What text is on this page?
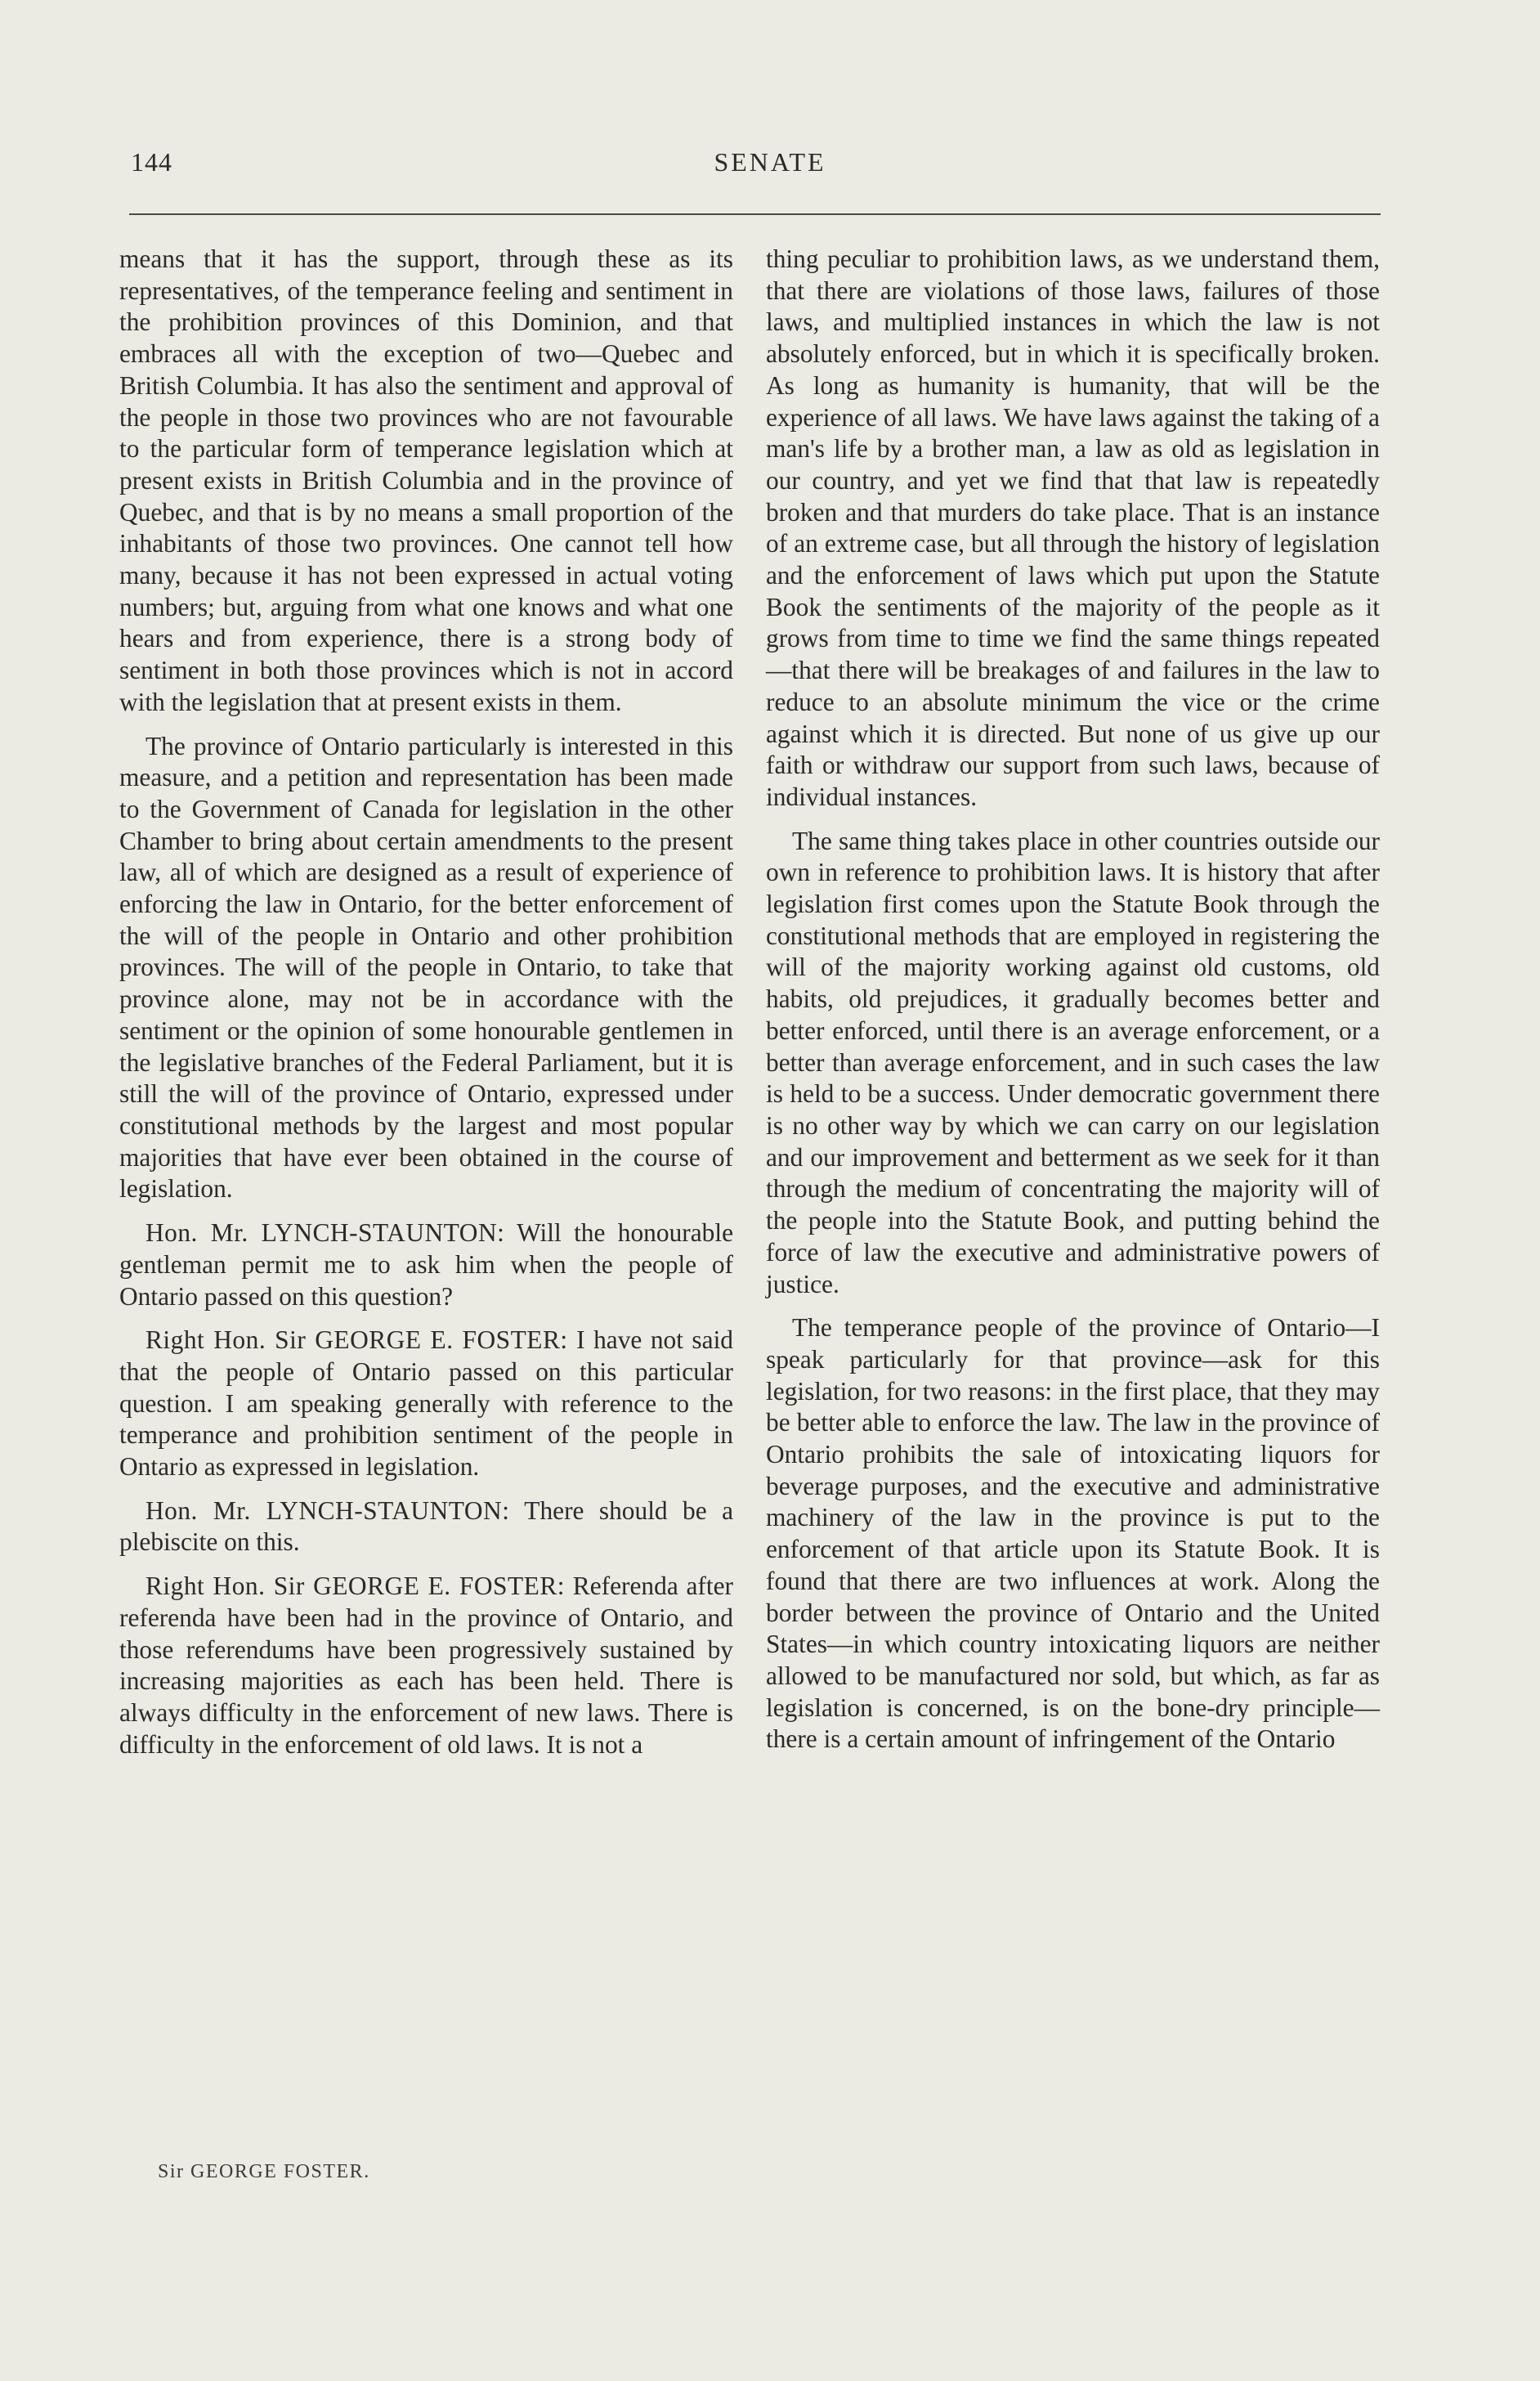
144	SENATE

means that it has the support, through these as its representatives, of the temperance feeling and sentiment in the prohibition provinces of this Dominion, and that embraces all with the exception of two—Quebec and British Columbia. It has also the sentiment and approval of the people in those two provinces who are not favourable to the particular form of temperance legislation which at present exists in British Columbia and in the province of Quebec, and that is by no means a small proportion of the inhabitants of those two provinces. One cannot tell how many, because it has not been expressed in actual voting numbers; but, arguing from what one knows and what one hears and from experience, there is a strong body of sentiment in both those provinces which is not in accord with the legislation that at present exists in them.

The province of Ontario particularly is interested in this measure, and a petition and representation has been made to the Government of Canada for legislation in the other Chamber to bring about certain amendments to the present law, all of which are designed as a result of experience of enforcing the law in Ontario, for the better enforcement of the will of the people in Ontario and other prohibition provinces. The will of the people in Ontario, to take that province alone, may not be in accordance with the sentiment or the opinion of some honourable gentlemen in the legislative branches of the Federal Parliament, but it is still the will of the province of Ontario, expressed under constitutional methods by the largest and most popular majorities that have ever been obtained in the course of legislation.

Hon. Mr. LYNCH-STAUNTON: Will the honourable gentleman permit me to ask him when the people of Ontario passed on this question?

Right Hon. Sir GEORGE E. FOSTER: I have not said that the people of Ontario passed on this particular question. I am speaking generally with reference to the temperance and prohibition sentiment of the people in Ontario as expressed in legislation.

Hon. Mr. LYNCH-STAUNTON: There should be a plebiscite on this.

Right Hon. Sir GEORGE E. FOSTER: Referenda after referenda have been had in the province of Ontario, and those referendums have been progressively sustained by increasing majorities as each has been held. There is always difficulty in the enforcement of new laws. There is difficulty in the enforcement of old laws. It is not a

thing peculiar to prohibition laws, as we understand them, that there are violations of those laws, failures of those laws, and multiplied instances in which the law is not absolutely enforced, but in which it is specifically broken. As long as humanity is humanity, that will be the experience of all laws. We have laws against the taking of a man's life by a brother man, a law as old as legislation in our country, and yet we find that that law is repeatedly broken and that murders do take place. That is an instance of an extreme case, but all through the history of legislation and the enforcement of laws which put upon the Statute Book the sentiments of the majority of the people as it grows from time to time we find the same things repeated —that there will be breakages of and failures in the law to reduce to an absolute minimum the vice or the crime against which it is directed. But none of us give up our faith or withdraw our support from such laws, because of individual instances.

The same thing takes place in other countries outside our own in reference to prohibition laws. It is history that after legislation first comes upon the Statute Book through the constitutional methods that are employed in registering the will of the majority working against old customs, old habits, old prejudices, it gradually becomes better and better enforced, until there is an average enforcement, or a better than average enforcement, and in such cases the law is held to be a success. Under democratic government there is no other way by which we can carry on our legislation and our improvement and betterment as we seek for it than through the medium of concentrating the majority will of the people into the Statute Book, and putting behind the force of law the executive and administrative powers of justice.

The temperance people of the province of Ontario—I speak particularly for that province—ask for this legislation, for two reasons: in the first place, that they may be better able to enforce the law. The law in the province of Ontario prohibits the sale of intoxicating liquors for beverage purposes, and the executive and administrative machinery of the law in the province is put to the enforcement of that article upon its Statute Book. It is found that there are two influences at work. Along the border between the province of Ontario and the United States—in which country intoxicating liquors are neither allowed to be manufactured nor sold, but which, as far as legislation is concerned, is on the bone-dry principle—there is a certain amount of infringement of the Ontario

Sir GEORGE FOSTER.
